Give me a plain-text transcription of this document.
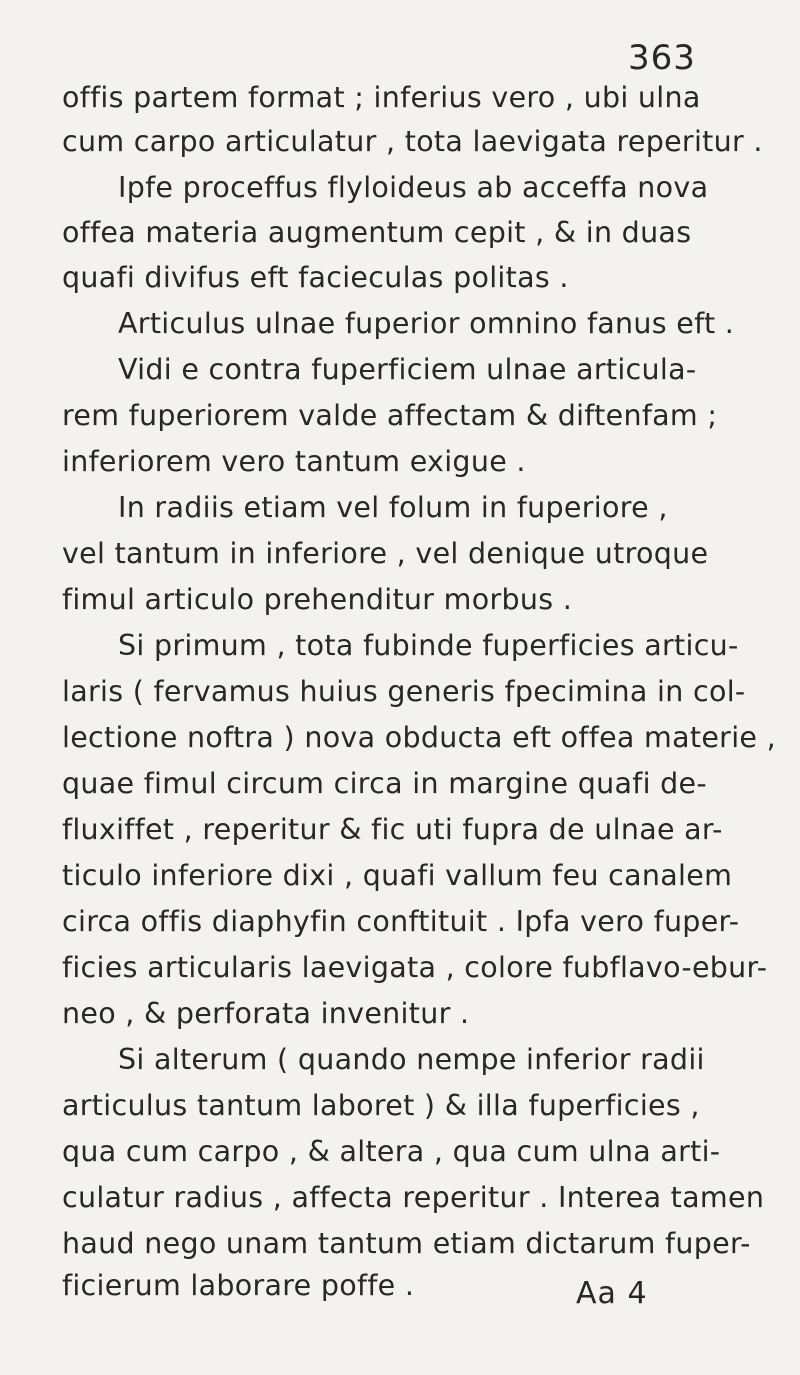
363
offis partem format ; inferius vero , ubi ulna
cum carpo articulatur , tota laevigata reperitur .
Ipfe proceffus flyloideus ab acceffa nova
offea materia augmentum cepit , & in duas
quafi divifus eft facieculas politas .
Articulus ulnae fuperior omnino fanus eft .
Vidi e contra fuperficiem ulnae articula-
rem fuperiorem valde affectam & diftenfam ;
inferiorem vero tantum exigue .
In radiis etiam vel folum in fuperiore ,
vel tantum in inferiore , vel denique utroque
fimul articulo prehenditur morbus .
Si primum , tota fubinde fuperficies articu-
laris ( fervamus huius generis fpecimina in col-
lectione noftra ) nova obducta eft offea materie ,
quae fimul circum circa in margine quafi de-
fluxiffet , reperitur & fic uti fupra de ulnae ar-
ticulo inferiore dixi , quafi vallum feu canalem
circa offis diaphyfin conftituit . Ipfa vero fuper-
ficies articularis laevigata , colore fubflavo-ebur-
neo , & perforata invenitur .
Si alterum ( quando nempe inferior radii
articulus tantum laboret ) & illa fuperficies ,
qua cum carpo , & altera , qua cum ulna arti-
culatur radius , affecta reperitur . Interea tamen
haud nego unam tantum etiam dictarum fuper-
ficierum laborare poffe .	Aa 4
